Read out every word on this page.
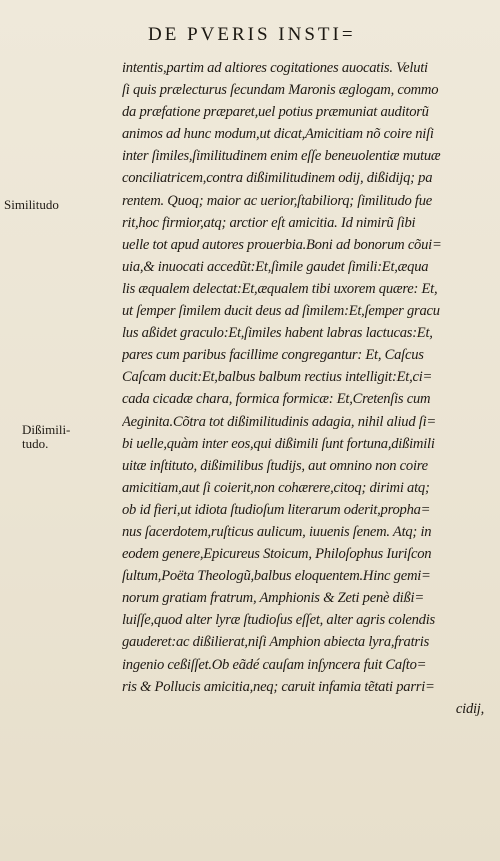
DE PVERIS INSTI=
Similitudo
Dißimili-
tudo.
intentis,partim ad altiores cogitationes auocatis. Veluti
ſi quis prælecturus ſecundam Maronis æglogam, commo
da præfatione præparet,uel potius præmuniat auditorũ
animos ad hunc modum,ut dicat,Amicitiam nõ coire niſi
inter ſimiles,ſimilitudinem enim eſſe beneuolentiæ mutuæ
conciliatricem,contra dißimilitudinem odij, dißidijq; pa
rentem. Quoq; maior ac uerior,ſtabiliorq; ſimilitudo fue
rit,hoc firmior,atq; arctior eſt amicitia. Id nimirũ ſibi
uelle tot apud autores prouerbia.Boni ad bonorum cõui=
uia,& inuocati accedũt:Et,ſimile gaudet ſimili:Et,æqua
lis æqualem delectat:Et,æqualem tibi uxorem quære: Et,
ut ſemper ſimilem ducit deus ad ſimilem:Et,ſemper gracu
lus aßidet graculo:Et,ſimiles habent labras lactucas:Et,
pares cum paribus facillime congregantur: Et, Caſcus
Caſcam ducit:Et,balbus balbum rectius intelligit:Et,ci=
cada cicadæ chara, formica formicæ: Et,Cretenſis cum
Aeginita.Cõtra tot dißimilitudinis adagia, nihil aliud ſi=
bi uelle,quàm inter eos,qui dißimili ſunt fortuna,dißimili
uitæ inſtituto, dißimilibus ſtudijs, aut omnino non coire
amicitiam,aut ſi coierit,non cohærere,citoq; dirimi atq;
ob id fieri,ut idiota ſtudioſum literarum oderit,propha=
nus ſacerdotem,ruſticus aulicum, iuuenis ſenem. Atq; in
eodem genere,Epicureus Stoicum, Philoſophus Iuriſcon
ſultum,Poëta Theologũ,balbus eloquentem.Hinc gemi=
norum gratiam fratrum, Amphionis & Zeti penè dißi=
luiſſe,quod alter lyræ ſtudioſus eſſet, alter agris colendis
gauderet:ac dißilierat,niſi Amphion abiecta lyra,fratris
ingenio ceßiſſet.Ob eãdé cauſam inſyncera fuit Caſto=
ris & Pollucis amicitia,neq; caruit infamia tẽtati parri=
cidij,
